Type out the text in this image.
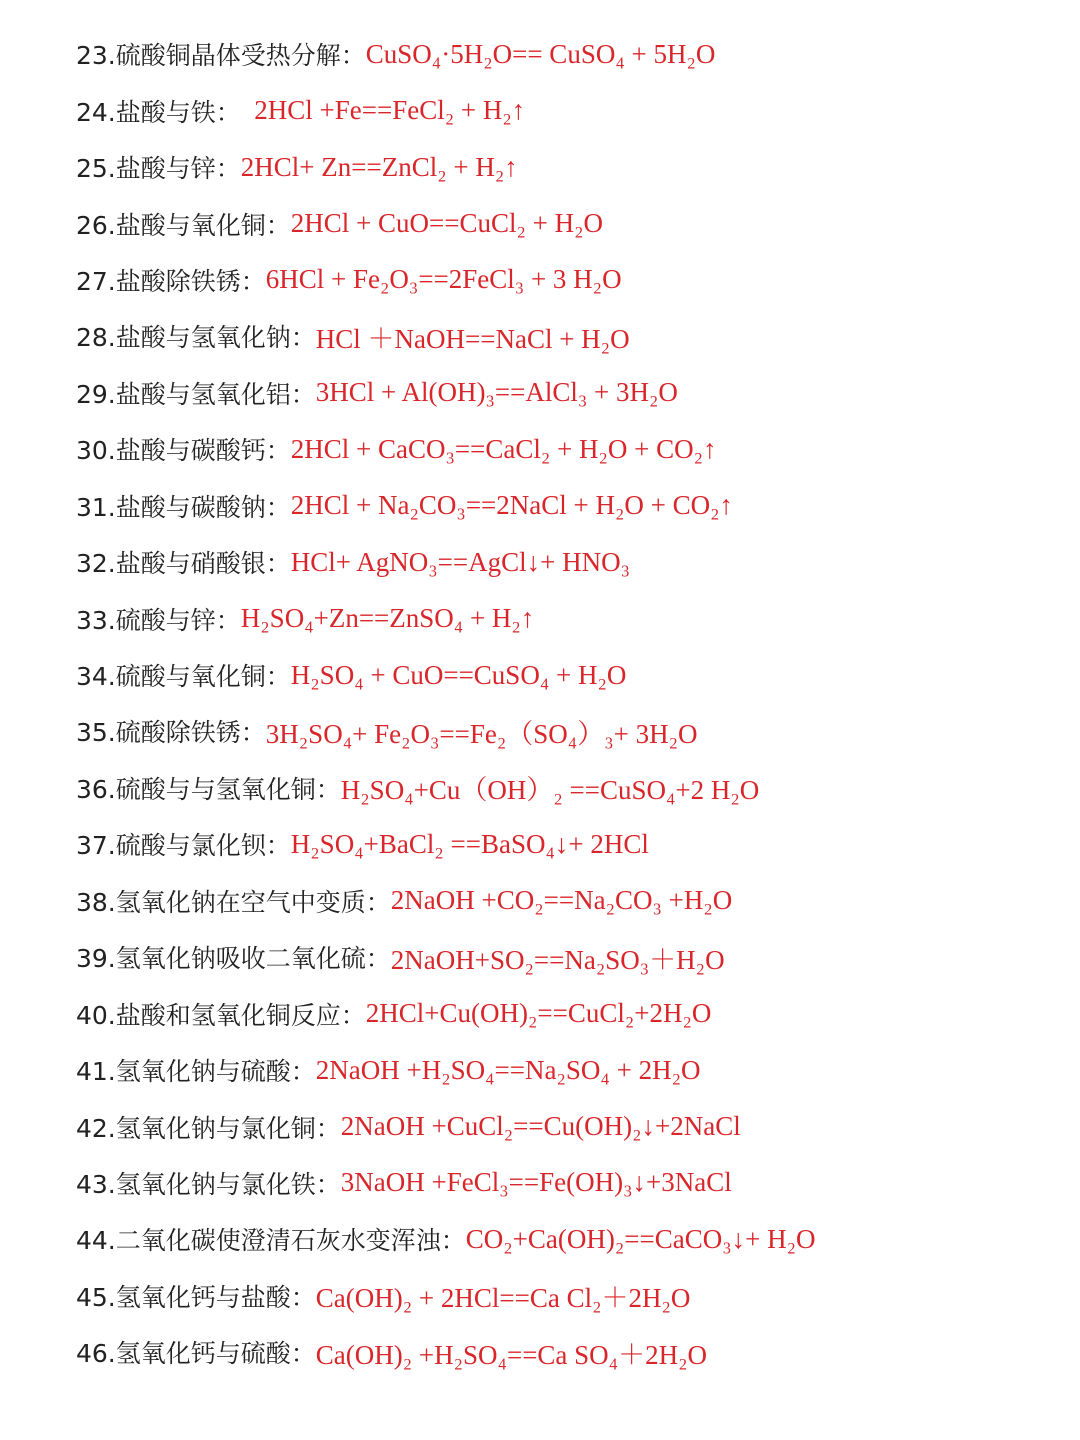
23.硫酸铜晶体受热分解： CuSO₄·5H₂O== CuSO₄ + 5H₂O
24.盐酸与铁： 2HCl +Fe==FeCl₂ + H₂↑
25.盐酸与锌： 2HCl+ Zn==ZnCl₂ + H₂↑
26.盐酸与氧化铜： 2HCl + CuO==CuCl₂ + H₂O
27.盐酸除铁锈： 6HCl + Fe₂O₃==2FeCl₃ + 3 H₂O
28.盐酸与氢氧化钠： HCl ＋NaOH==NaCl + H₂O
29.盐酸与氢氧化铝： 3HCl + Al(OH)₃==AlCl₃ + 3H₂O
30.盐酸与碳酸钙： 2HCl + CaCO₃==CaCl₂ + H₂O + CO₂↑
31.盐酸与碳酸钠： 2HCl + Na₂CO₃==2NaCl + H₂O + CO₂↑
32.盐酸与硝酸银： HCl+ AgNO₃==AgCl↓+ HNO₃
33.硫酸与锌： H₂SO₄+Zn==ZnSO₄ + H₂↑
34.硫酸与氧化铜： H₂SO₄ + CuO==CuSO₄ + H₂O
35.硫酸除铁锈： 3H₂SO₄+ Fe₂O₃==Fe₂（SO₄）₃+ 3H₂O
36.硫酸与与氢氧化铜： H₂SO₄+Cu（OH）₂ ==CuSO₄+2 H₂O
37.硫酸与氯化钡： H₂SO₄+BaCl₂ ==BaSO₄↓+ 2HCl
38.氢氧化钠在空气中变质： 2NaOH +CO₂==Na₂CO₃ +H₂O
39.氢氧化钠吸收二氧化硫： 2NaOH+SO₂==Na₂SO₃＋H₂O
40.盐酸和氢氧化铜反应： 2HCl+Cu(OH)₂==CuCl₂+2H₂O
41.氢氧化钠与硫酸： 2NaOH +H₂SO₄==Na₂SO₄ + 2H₂O
42.氢氧化钠与氯化铜： 2NaOH +CuCl₂==Cu(OH)₂↓+2NaCl
43.氢氧化钠与氯化铁： 3NaOH +FeCl₃==Fe(OH)₃↓+3NaCl
44.二氧化碳使澄清石灰水变浑浊： CO₂+Ca(OH)₂==CaCO₃↓+ H₂O
45.氢氧化钙与盐酸： Ca(OH)₂ + 2HCl==Ca Cl₂＋2H₂O
46.氢氧化钙与硫酸： Ca(OH)₂ +H₂SO₄==Ca SO₄＋2H₂O
